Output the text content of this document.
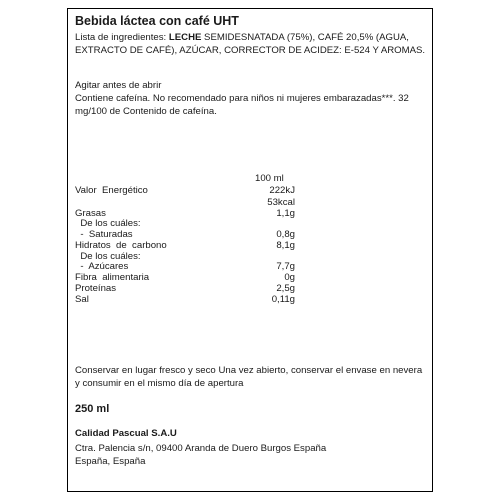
Bebida láctea con café UHT
Lista de ingredientes: LECHE SEMIDESNATADA (75%), CAFÉ 20,5% (AGUA, EXTRACTO DE CAFÉ), AZÚCAR, CORRECTOR DE ACIDEZ: E-524 Y AROMAS.
Agitar antes de abrir
Contiene cafeína. No recomendado para niños ni mujeres embarazadas***. 32 mg/100 de Contenido de cafeína.
100 ml
Valor  Energético	222kJ
53kcal
Grasas	1,1g
De los cuáles:
-  Saturadas	0,8g
Hidratos  de  carbono	8,1g
De los cuáles:
-  Azúcares	7,7g
Fibra  alimentaria	0g
Proteínas	2,5g
Sal	0,11g
Conservar en lugar fresco y seco Una vez abierto, conservar el envase en nevera y consumir en el mismo día de apertura
250 ml
Calidad Pascual S.A.U
Ctra. Palencia s/n, 09400 Aranda de Duero Burgos España
España, España
